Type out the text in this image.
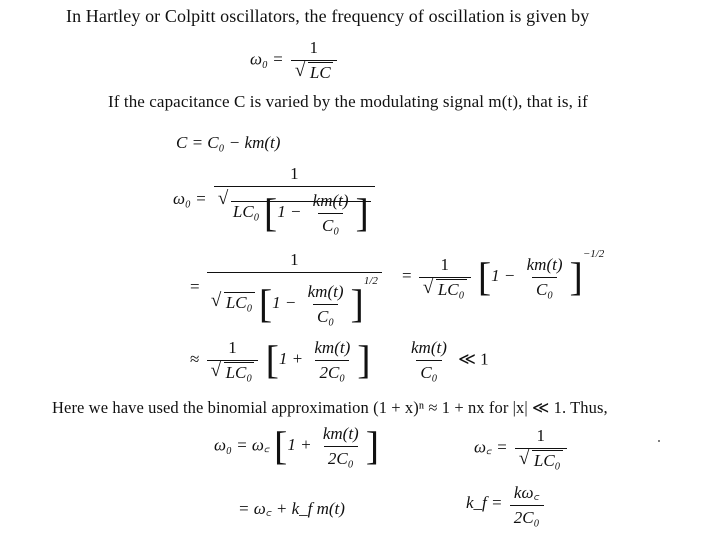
In Hartley or Colpitt oscillators, the frequency of oscillation is given by
ω₀ = 1
√ LC
If the capacitance C is varied by the modulating signal m(t), that is, if
C = C₀ − km(t)
ω₀ = 1
√ LC₀ [$1 - \frac{km(t)}{\text{C₀}}$ ]
= 1
√ LC₀ $[1 - \frac{km(t)}{\text{C₀}} ]^{1/2} = 1$
√ LC₀ $[1 - \frac{km(t)}{\text{C₀}} ]^{-1/2}$
≈ 1
√ LC₀ [$1 + \frac{km(t)}{\text{2C₀}}$ ] $\frac{km(t)}{\text{C₀}}$ ≪ 1
Here we have used the binomial approximation (1 + x)ⁿ ≈ 1 + nx for |x| ≪ 1. Thus,
ω₀ = ω꜀ [$1 + \frac{km(t)}{\text{2C₀}}$ ]	ω꜀ = 1
√ LC₀
= ω꜀ + k_f m(t)	k_f = $\frac{k\omega꜀}{\text{2C₀}}$
